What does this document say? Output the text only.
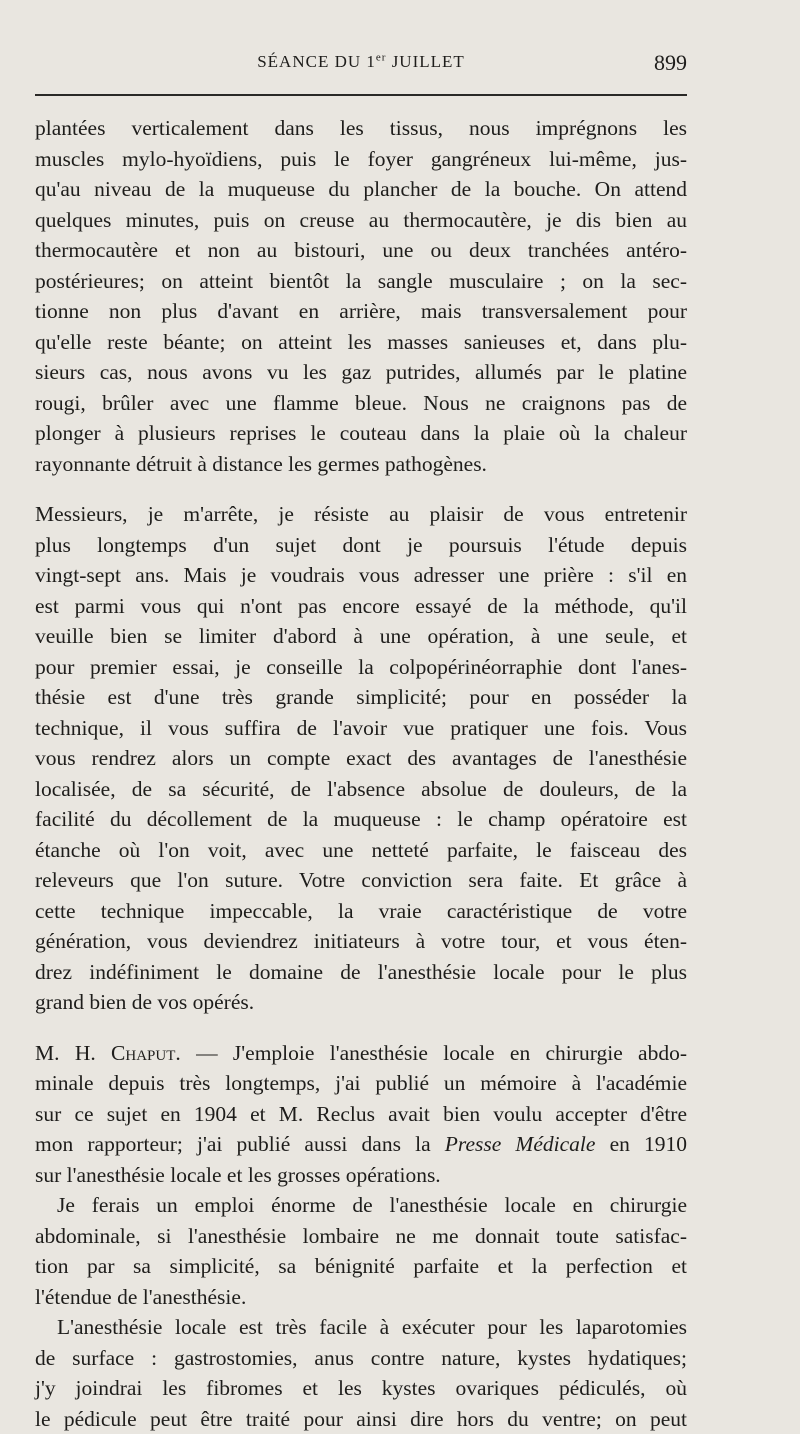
SÉANCE DU 1er JUILLET	899
plantées verticalement dans les tissus, nous imprégnons les
muscles mylo-hyoïdiens, puis le foyer gangréneux lui-même, jus-
qu'au niveau de la muqueuse du plancher de la bouche. On attend
quelques minutes, puis on creuse au thermocautère, je dis bien au
thermocautère et non au bistouri, une ou deux tranchées antéro-
postérieures; on atteint bientôt la sangle musculaire ; on la sec-
tionne non plus d'avant en arrière, mais transversalement pour
qu'elle reste béante; on atteint les masses sanieuses et, dans plu-
sieurs cas, nous avons vu les gaz putrides, allumés par le platine
rougi, brûler avec une flamme bleue. Nous ne craignons pas de
plonger à plusieurs reprises le couteau dans la plaie où la chaleur
rayonnante détruit à distance les germes pathogènes.
Messieurs, je m'arrête, je résiste au plaisir de vous entretenir
plus longtemps d'un sujet dont je poursuis l'étude depuis
vingt-sept ans. Mais je voudrais vous adresser une prière : s'il en
est parmi vous qui n'ont pas encore essayé de la méthode, qu'il
veuille bien se limiter d'abord à une opération, à une seule, et
pour premier essai, je conseille la colpopérinéorraphie dont l'anes-
thésie est d'une très grande simplicité; pour en posséder la
technique, il vous suffira de l'avoir vue pratiquer une fois. Vous
vous rendrez alors un compte exact des avantages de l'anesthésie
localisée, de sa sécurité, de l'absence absolue de douleurs, de la
facilité du décollement de la muqueuse : le champ opératoire est
étanche où l'on voit, avec une netteté parfaite, le faisceau des
releveurs que l'on suture. Votre conviction sera faite. Et grâce à
cette technique impeccable, la vraie caractéristique de votre
génération, vous deviendrez initiateurs à votre tour, et vous éten-
drez indéfiniment le domaine de l'anesthésie locale pour le plus
grand bien de vos opérés.
M. H. Chaput. — J'emploie l'anesthésie locale en chirurgie abdo-
minale depuis très longtemps, j'ai publié un mémoire à l'académie
sur ce sujet en 1904 et M. Reclus avait bien voulu accepter d'être
mon rapporteur; j'ai publié aussi dans la Presse Médicale en 1910
sur l'anesthésie locale et les grosses opérations.
Je ferais un emploi énorme de l'anesthésie locale en chirurgie
abdominale, si l'anesthésie lombaire ne me donnait toute satisfac-
tion par sa simplicité, sa bénignité parfaite et la perfection et
l'étendue de l'anesthésie.
L'anesthésie locale est très facile à exécuter pour les laparotomies
de surface : gastrostomies, anus contre nature, kystes hydatiques;
j'y joindrai les fibromes et les kystes ovariques pédiculés, où
le pédicule peut être traité pour ainsi dire hors du ventre; on peut
